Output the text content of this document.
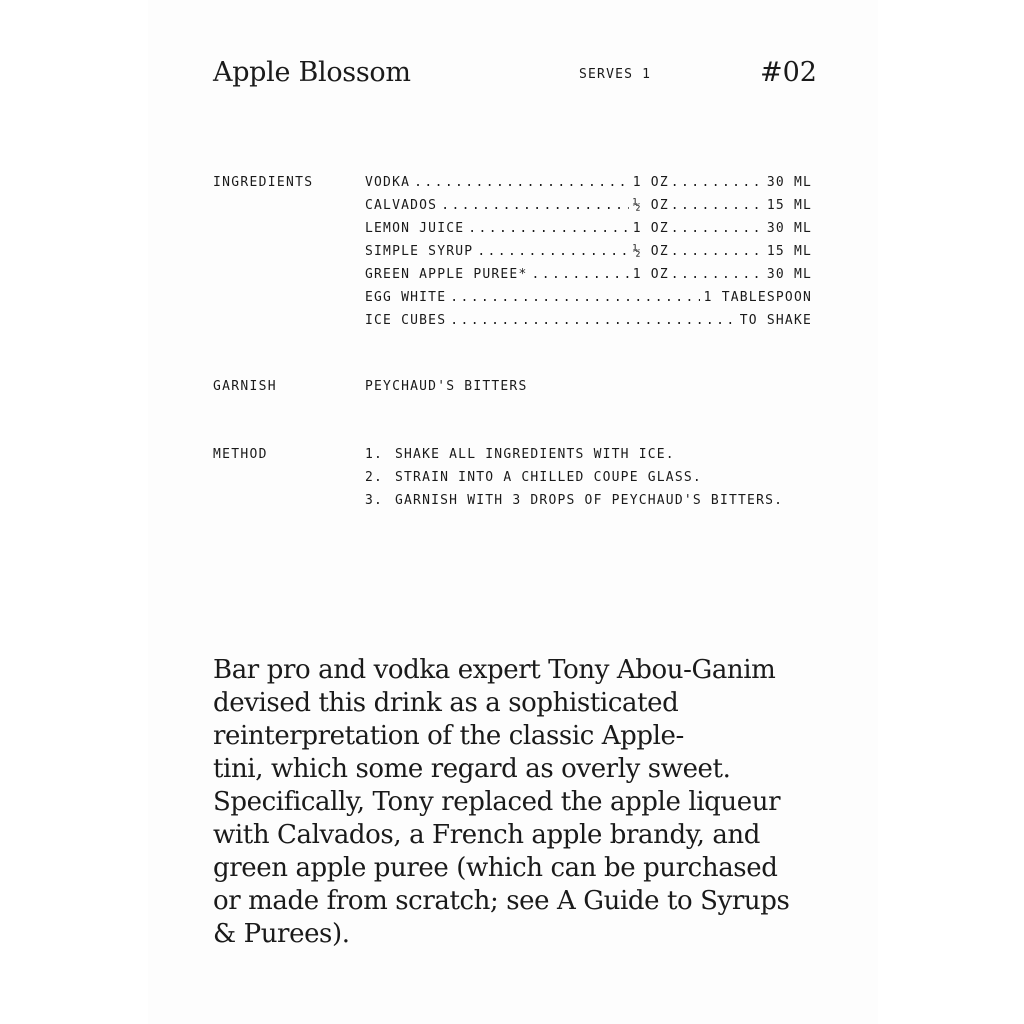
Apple Blossom	SERVES 1	#02
INGREDIENTS	VODKA .....	1 OZ .....	30 ML
CALVADOS .....	½ OZ .....	15 ML
LEMON JUICE .....	1 OZ .....	30 ML
SIMPLE SYRUP .....	½ OZ .....	15 ML
GREEN APPLE PUREE* .....	1 OZ .....	30 ML
EGG WHITE .....	1 TABLESPOON
ICE CUBES .....	TO SHAKE
GARNISH	PEYCHAUD'S BITTERS
METHOD	1. SHAKE ALL INGREDIENTS WITH ICE.
2. STRAIN INTO A CHILLED COUPE GLASS.
3. GARNISH WITH 3 DROPS OF PEYCHAUD'S BITTERS.
Bar pro and vodka expert Tony Abou-Ganim
devised this drink as a sophisticated
reinterpretation of the classic Apple-
tini, which some regard as overly sweet.
Specifically, Tony replaced the apple liqueur
with Calvados, a French apple brandy, and
green apple puree (which can be purchased
or made from scratch; see A Guide to Syrups
& Purees).
